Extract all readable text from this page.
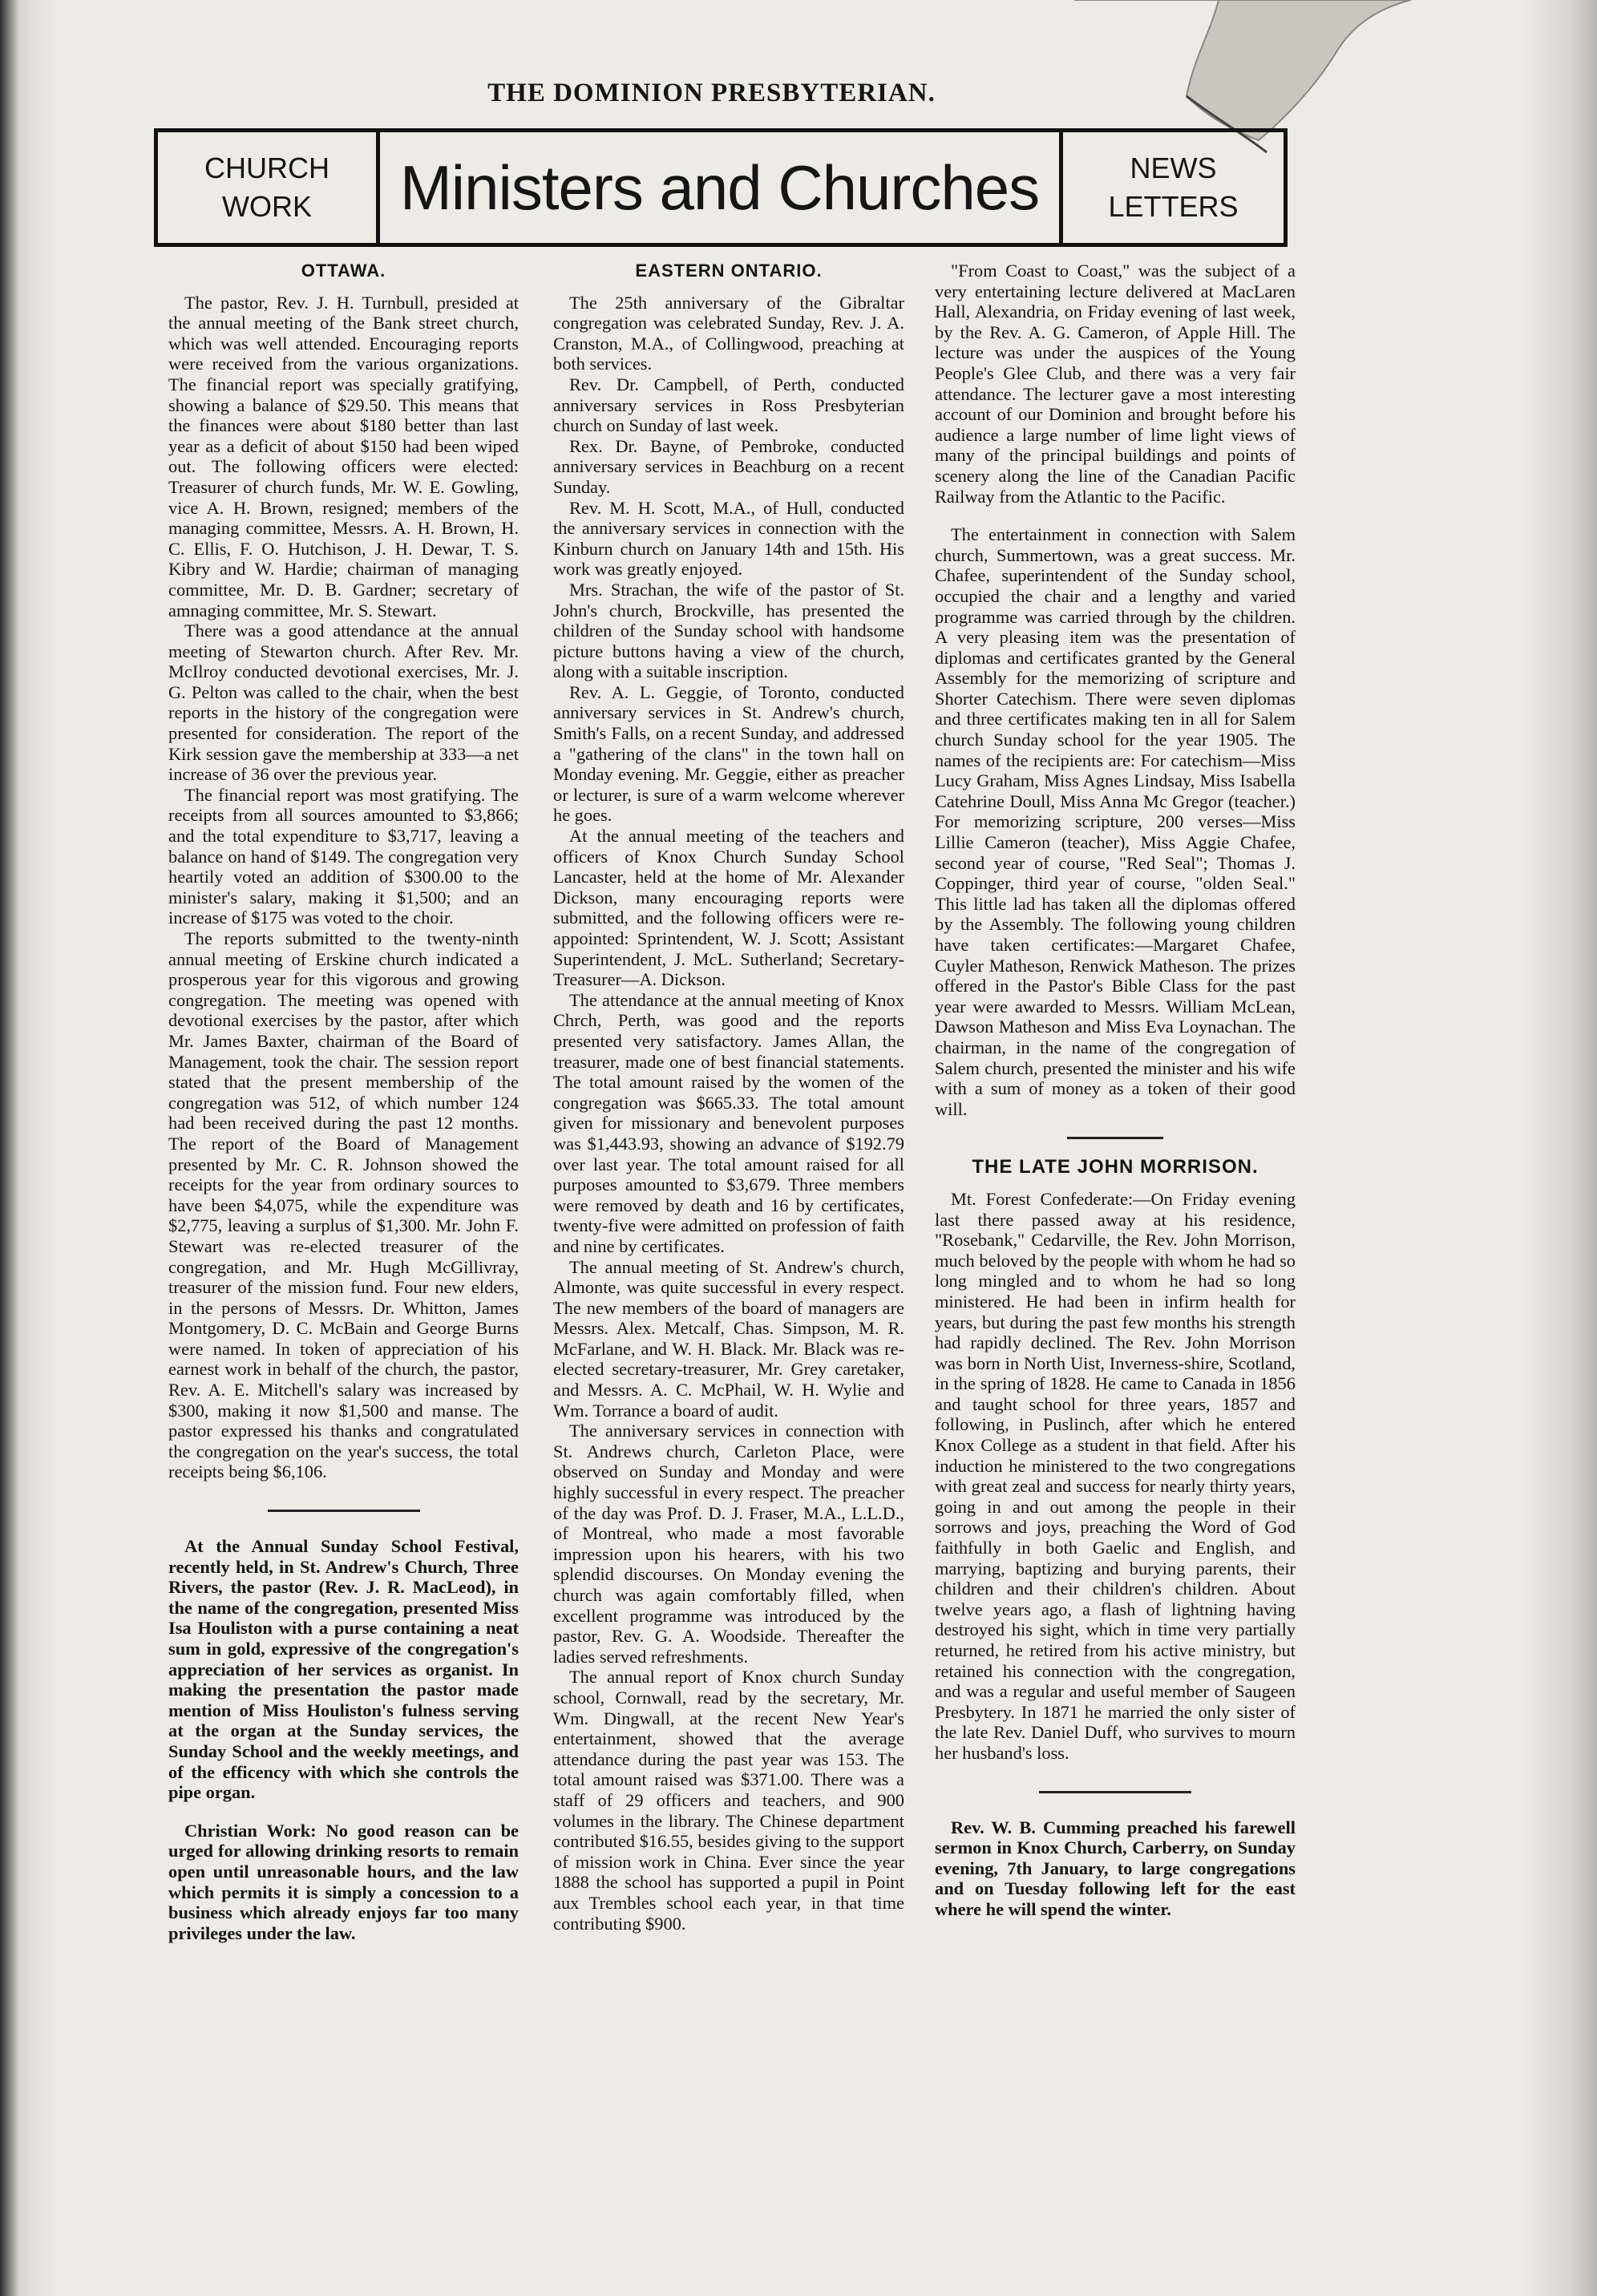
THE DOMINION PRESBYTERIAN.
CHURCH
WORK Ministers and Churches	NEWS
LETTERS
OTTAWA.

The pastor, Rev. J. H. Turnbull, presided at the annual meeting of the Bank street church, which was well attended. Encouraging reports were received from the various organizations. The financial report was specially gratifying, showing a balance of $29.50. This means that the finances were about $180 better than last year as a deficit of about $150 had been wiped out. The following officers were elected: Treasurer of church funds, Mr. W. E. Gowling, vice A. H. Brown, resigned; members of the managing committee, Messrs. A. H. Brown, H. C. Ellis, F. O. Hutchison, J. H. Dewar, T. S. Kibry and W. Hardie; chairman of managing committee, Mr. D. B. Gardner; secretary of amnaging committee, Mr. S. Stewart.

There was a good attendance at the annual meeting of Stewarton church. After Rev. Mr. McIlroy conducted devotional exercises, Mr. J. G. Pelton was called to the chair, when the best reports in the history of the congregation were presented for consideration. The report of the Kirk session gave the membership at 333—a net increase of 36 over the previous year.

The financial report was most gratifying. The receipts from all sources amounted to $3,866; and the total expenditure to $3,717, leaving a balance on hand of $149. The congregation very heartily voted an addition of $300.00 to the minister's salary, making it $1,500; and an increase of $175 was voted to the choir.

The reports submitted to the twenty-ninth annual meeting of Erskine church indicated a prosperous year for this vigorous and growing congregation. The meeting was opened with devotional exercises by the pastor, after which Mr. James Baxter, chairman of the Board of Management, took the chair. The session report stated that the present membership of the congregation was 512, of which number 124 had been received during the past 12 months. The report of the Board of Management presented by Mr. C. R. Johnson showed the receipts for the year from ordinary sources to have been $4,075, while the expenditure was $2,775, leaving a surplus of $1,300. Mr. John F. Stewart was re-elected treasurer of the congregation, and Mr. Hugh McGillivray, treasurer of the mission fund. Four new elders, in the persons of Messrs. Dr. Whitton, James Montgomery, D. C. McBain and George Burns were named. In token of appreciation of his earnest work in behalf of the church, the pastor, Rev. A. E. Mitchell's salary was increased by $300, making it now $1,500 and manse. The pastor expressed his thanks and congratulated the congregation on the year's success, the total receipts being $6,106.

At the Annual Sunday School Festival, recently held, in St. Andrew's Church, Three Rivers, the pastor (Rev. J. R. MacLeod), in the name of the congregation, presented Miss Isa Houliston with a purse containing a neat sum in gold, expressive of the congregation's appreciation of her services as organist. In making the presentation the pastor made mention of Miss Houliston's fulness serving at the organ at the Sunday services, the Sunday School and the weekly meetings, and of the efficency with which she controls the pipe organ.

Christian Work: No good reason can be urged for allowing drinking resorts to remain open until unreasonable hours, and the law which permits it is simply a concession to a business which already enjoys far too many privileges under the law.

EASTERN ONTARIO.

The 25th anniversary of the Gibraltar congregation was celebrated Sunday, Rev. J. A. Cranston, M.A., of Collingwood, preaching at both services.

Rev. Dr. Campbell, of Perth, conducted anniversary services in Ross Presbyterian church on Sunday of last week.

Rex. Dr. Bayne, of Pembroke, conducted anniversary services in Beachburg on a recent Sunday.

Rev. M. H. Scott, M.A., of Hull, conducted the anniversary services in connection with the Kinburn church on January 14th and 15th. His work was greatly enjoyed.

Mrs. Strachan, the wife of the pastor of St. John's church, Brockville, has presented the children of the Sunday school with handsome picture buttons having a view of the church, along with a suitable inscription.

Rev. A. L. Geggie, of Toronto, conducted anniversary services in St. Andrew's church, Smith's Falls, on a recent Sunday, and addressed a "gathering of the clans" in the town hall on Monday evening. Mr. Geggie, either as preacher or lecturer, is sure of a warm welcome wherever he goes.

At the annual meeting of the teachers and officers of Knox Church Sunday School Lancaster, held at the home of Mr. Alexander Dickson, many encouraging reports were submitted, and the following officers were re-appointed: Sprintendent, W. J. Scott; Assistant Superintendent, J. McL. Sutherland; Secretary-Treasurer—A. Dickson.

The attendance at the annual meeting of Knox Chrch, Perth, was good and the reports presented very satisfactory. James Allan, the treasurer, made one of best financial statements. The total amount raised by the women of the congregation was $665.33. The total amount given for missionary and benevolent purposes was $1,443.93, showing an advance of $192.79 over last year. The total amount raised for all purposes amounted to $3,679. Three members were removed by death and 16 by certificates, twenty-five were admitted on profession of faith and nine by certificates.

The annual meeting of St. Andrew's church, Almonte, was quite successful in every respect. The new members of the board of managers are Messrs. Alex. Metcalf, Chas. Simpson, M. R. McFarlane, and W. H. Black. Mr. Black was re-elected secretary-treasurer, Mr. Grey caretaker, and Messrs. A. C. McPhail, W. H. Wylie and Wm. Torrance a board of audit.

The anniversary services in connection with St. Andrews church, Carleton Place, were observed on Sunday and Monday and were highly successful in every respect. The preacher of the day was Prof. D. J. Fraser, M.A., L.L.D., of Montreal, who made a most favorable impression upon his hearers, with his two splendid discourses. On Monday evening the church was again comfortably filled, when excellent programme was introduced by the pastor, Rev. G. A. Woodside. Thereafter the ladies served refreshments.

The annual report of Knox church Sunday school, Cornwall, read by the secretary, Mr. Wm. Dingwall, at the recent New Year's entertainment, showed that the average attendance during the past year was 153. The total amount raised was $371.00. There was a staff of 29 officers and teachers, and 900 volumes in the library. The Chinese department contributed $16.55, besides giving to the support of mission work in China. Ever since the year 1888 the school has supported a pupil in Point aux Trembles school each year, in that time contributing $900.

"From Coast to Coast," was the subject of a very entertaining lecture delivered at MacLaren Hall, Alexandria, on Friday evening of last week, by the Rev. A. G. Cameron, of Apple Hill. The lecture was under the auspices of the Young People's Glee Club, and there was a very fair attendance. The lecturer gave a most interesting account of our Dominion and brought before his audience a large number of lime light views of many of the principal buildings and points of scenery along the line of the Canadian Pacific Railway from the Atlantic to the Pacific.

The entertainment in connection with Salem church, Summertown, was a great success. Mr. Chafee, superintendent of the Sunday school, occupied the chair and a lengthy and varied programme was carried through by the children. A very pleasing item was the presentation of diplomas and certificates granted by the General Assembly for the memorizing of scripture and Shorter Catechism. There were seven diplomas and three certificates making ten in all for Salem church Sunday school for the year 1905. The names of the recipients are: For catechism—Miss Lucy Graham, Miss Agnes Lindsay, Miss Isabella Catehrine Doull, Miss Anna Mc Gregor (teacher.) For memorizing scripture, 200 verses—Miss Lillie Cameron (teacher), Miss Aggie Chafee, second year of course, "Red Seal"; Thomas J. Coppinger, third year of course, "olden Seal." This little lad has taken all the diplomas offered by the Assembly. The following young children have taken certificates:—Margaret Chafee, Cuyler Matheson, Renwick Matheson. The prizes offered in the Pastor's Bible Class for the past year were awarded to Messrs. William McLean, Dawson Matheson and Miss Eva Loynachan. The chairman, in the name of the congregation of Salem church, presented the minister and his wife with a sum of money as a token of their good will.

THE LATE JOHN MORRISON.

Mt. Forest Confederate:—On Friday evening last there passed away at his residence, "Rosebank," Cedarville, the Rev. John Morrison, much beloved by the people with whom he had so long mingled and to whom he had so long ministered. He had been in infirm health for years, but during the past few months his strength had rapidly declined. The Rev. John Morrison was born in North Uist, Inverness-shire, Scotland, in the spring of 1828. He came to Canada in 1856 and taught school for three years, 1857 and following, in Puslinch, after which he entered Knox College as a student in that field. After his induction he ministered to the two congregations with great zeal and success for nearly thirty years, going in and out among the people in their sorrows and joys, preaching the Word of God faithfully in both Gaelic and English, and marrying, baptizing and burying parents, their children and their children's children. About twelve years ago, a flash of lightning having destroyed his sight, which in time very partially returned, he retired from his active ministry, but retained his connection with the congregation, and was a regular and useful member of Saugeen Presbytery. In 1871 he married the only sister of the late Rev. Daniel Duff, who survives to mourn her husband's loss.

Rev. W. B. Cumming preached his farewell sermon in Knox Church, Carberry, on Sunday evening, 7th January, to large congregations and on Tuesday following left for the east where he will spend the winter.
